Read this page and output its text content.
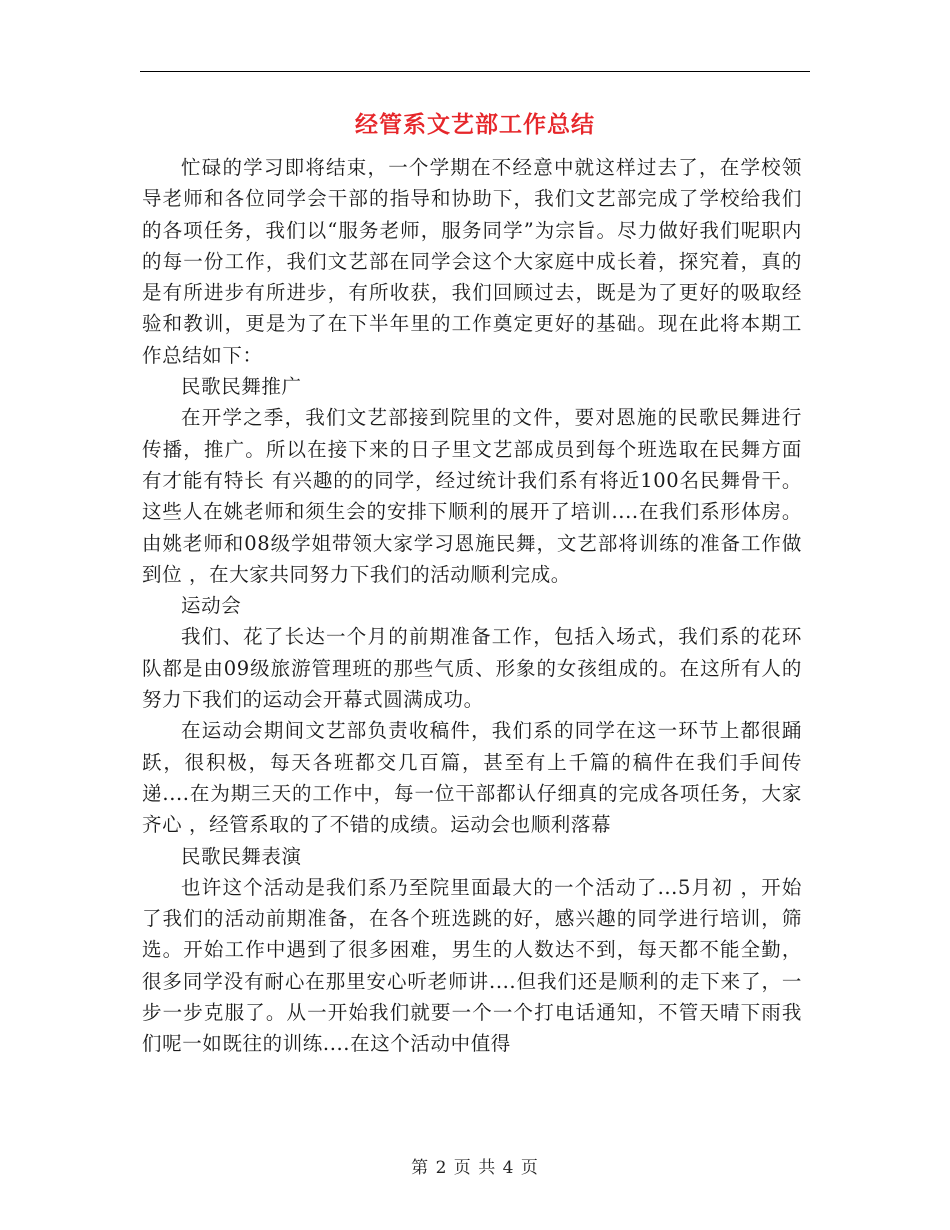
经管系文艺部工作总结

忙碌的学习即将结束，一个学期在不经意中就这样过去了，在学校领导老师和各位同学会干部的指导和协助下，我们文艺部完成了学校给我们的各项任务，我们以“服务老师，服务同学”为宗旨。尽力做好我们呢职内的每一份工作，我们文艺部在同学会这个大家庭中成长着，探究着，真的是有所进步有所进步，有所收获，我们回顾过去，既是为了更好的吸取经验和教训，更是为了在下半年里的工作奠定更好的基础。现在此将本期工作总结如下：

民歌民舞推广

在开学之季，我们文艺部接到院里的文件，要对恩施的民歌民舞进行传播，推广。所以在接下来的日子里文艺部成员到每个班选取在民舞方面有才能有特长 有兴趣的的同学，经过统计我们系有将近100名民舞骨干。这些人在姚老师和须生会的安排下顺利的展开了培训....在我们系形体房。由姚老师和08级学姐带领大家学习恩施民舞，文艺部将训练的准备工作做到位 ，在大家共同努力下我们的活动顺利完成。

运动会

我们、花了长达一个月的前期准备工作，包括入场式，我们系的花环队都是由09级旅游管理班的那些气质、形象的女孩组成的。在这所有人的努力下我们的运动会开幕式圆满成功。

在运动会期间文艺部负责收稿件，我们系的同学在这一环节上都很踊跃，很积极，每天各班都交几百篇，甚至有上千篇的稿件在我们手间传递....在为期三天的工作中，每一位干部都认仔细真的完成各项任务，大家齐心 ，经管系取的了不错的成绩。运动会也顺利落幕

民歌民舞表演

也许这个活动是我们系乃至院里面最大的一个活动了...5月初 ，开始了我们的活动前期准备，在各个班选跳的好，感兴趣的同学进行培训，筛选。开始工作中遇到了很多困难，男生的人数达不到，每天都不能全勤，很多同学没有耐心在那里安心听老师讲....但我们还是顺利的走下来了，一步一步克服了。从一开始我们就要一个一个打电话通知，不管天晴下雨我们呢一如既往的训练....在这个活动中值得

第 2 页 共 4 页
